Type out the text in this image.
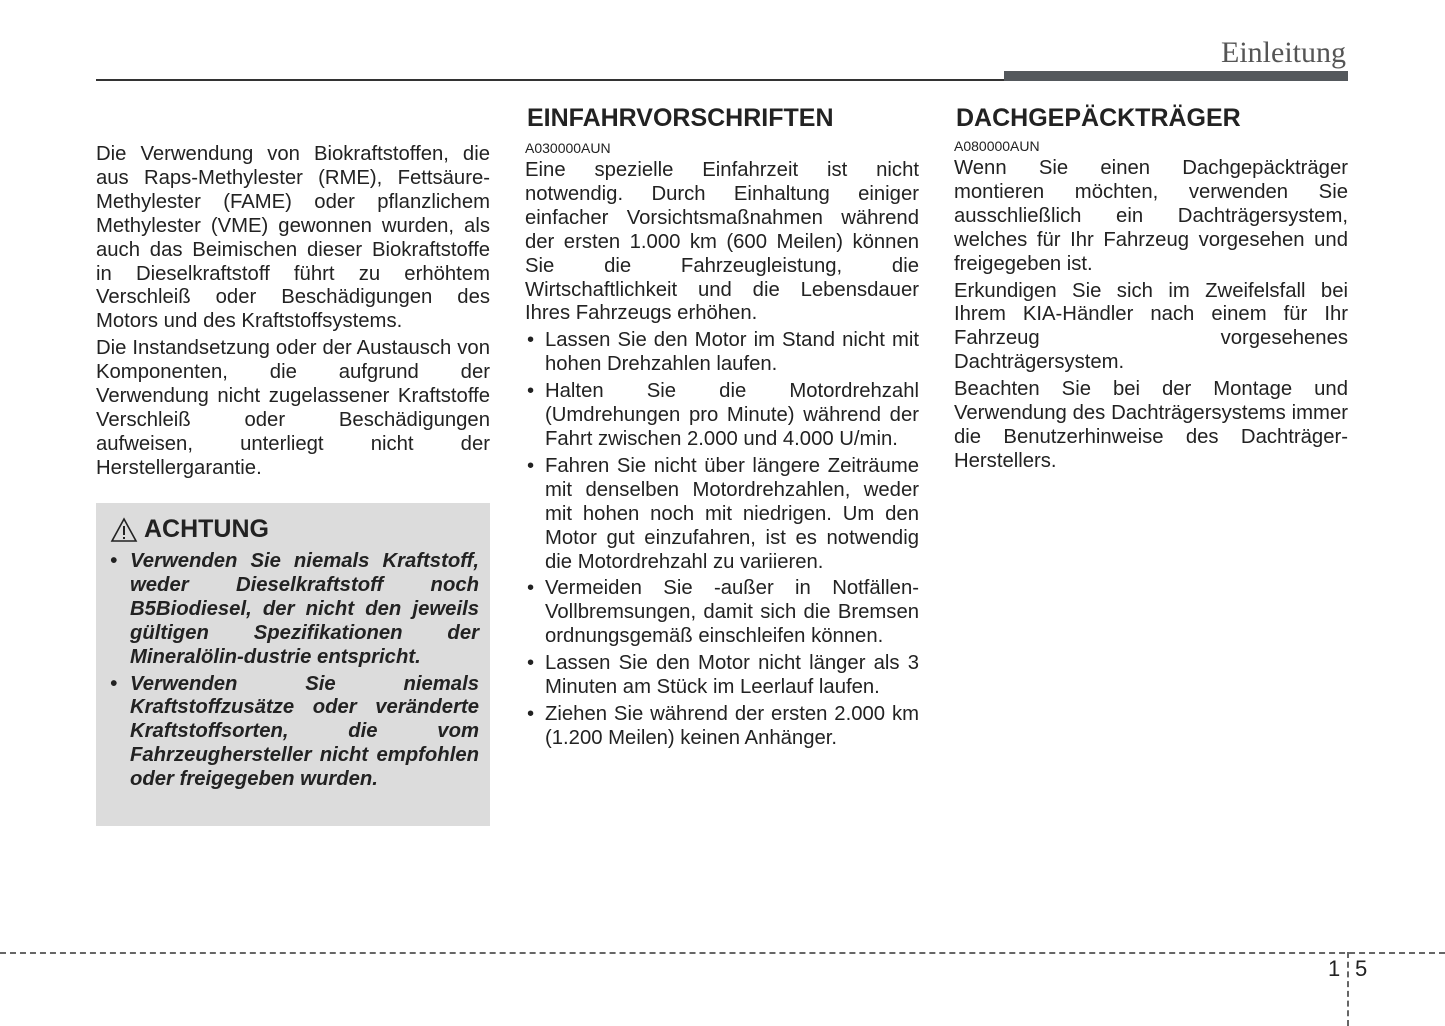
Einleitung

Die Verwendung von Biokraftstoffen, die aus Raps-Methylester (RME), Fettsäure-Methylester (FAME) oder pflanzlichem Methylester (VME) gewonnen wurden, als auch das Beimischen dieser Biokraftstoffe in Dieselkraftstoff führt zu erhöhtem Verschleiß oder Beschädigungen des Motors und des Kraftstoffsystems.

Die Instandsetzung oder der Austausch von Komponenten, die aufgrund der Verwendung nicht zugelassener Kraftstoffe Verschleiß oder Beschädigungen aufweisen, unterliegt nicht der Herstellergarantie.

ACHTUNG
• Verwenden Sie niemals Kraftstoff, weder Dieselkraftstoff noch B5Biodiesel, der nicht den jeweils gültigen Spezifikationen der Mineralölin-dustrie entspricht.
• Verwenden Sie niemals Kraftstoffzusätze oder veränderte Kraftstoffsorten, die vom Fahrzeughersteller nicht empfohlen oder freigegeben wurden.
EINFAHRVORSCHRIFTEN
A030000AUN

Eine spezielle Einfahrzeit ist nicht notwendig. Durch Einhaltung einiger einfacher Vorsichtsmaßnahmen während der ersten 1.000 km (600 Meilen) können Sie die Fahrzeugleistung, die Wirtschaftlichkeit und die Lebensdauer Ihres Fahrzeugs erhöhen.

• Lassen Sie den Motor im Stand nicht mit hohen Drehzahlen laufen.
• Halten Sie die Motordrehzahl (Umdrehungen pro Minute) während der Fahrt zwischen 2.000 und 4.000 U/min.
• Fahren Sie nicht über längere Zeiträume mit denselben Motordrehzahlen, weder mit hohen noch mit niedrigen. Um den Motor gut einzufahren, ist es notwendig die Motordrehzahl zu variieren.
• Vermeiden Sie -außer in Notfällen- Vollbremsungen, damit sich die Bremsen ordnungsgemäß einschleifen können.
• Lassen Sie den Motor nicht länger als 3 Minuten am Stück im Leerlauf laufen.
• Ziehen Sie während der ersten 2.000 km (1.200 Meilen) keinen Anhänger.
DACHGEPÄCKTRÄGER
A080000AUN

Wenn Sie einen Dachgepäckträger montieren möchten, verwenden Sie ausschließlich ein Dachträgersystem, welches für Ihr Fahrzeug vorgesehen und freigegeben ist.

Erkundigen Sie sich im Zweifelsfall bei Ihrem KIA-Händler nach einem für Ihr Fahrzeug vorgesehenes Dachträgersystem.

Beachten Sie bei der Montage und Verwendung des Dachträgersystems immer die Benutzerhinweise des Dachträger-Herstellers.

1 5
